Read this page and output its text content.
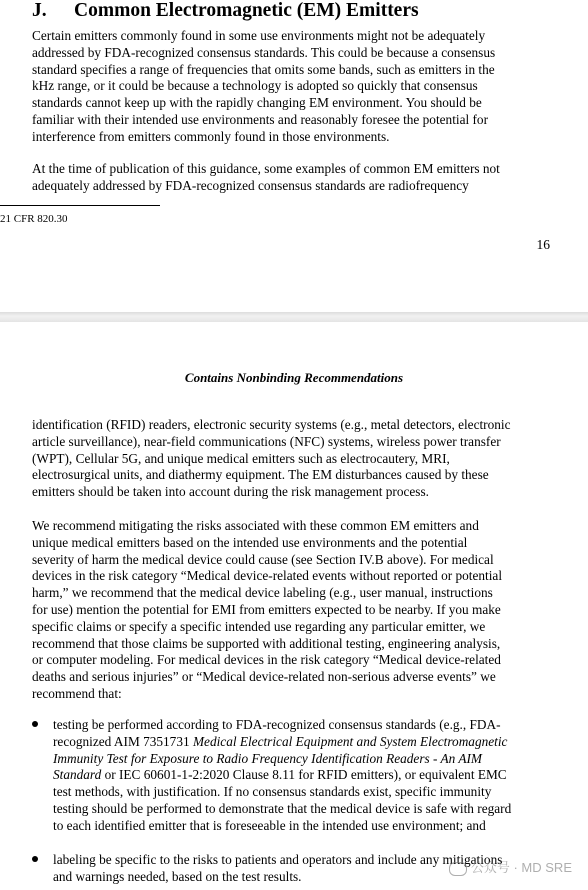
J. Common Electromagnetic (EM) Emitters
Certain emitters commonly found in some use environments might not be adequately
addressed by FDA-recognized consensus standards. This could be because a consensus
standard specifies a range of frequencies that omits some bands, such as emitters in the
kHz range, or it could be because a technology is adopted so quickly that consensus
standards cannot keep up with the rapidly changing EM environment. You should be
familiar with their intended use environments and reasonably foresee the potential for
interference from emitters commonly found in those environments.
At the time of publication of this guidance, some examples of common EM emitters not
adequately addressed by FDA-recognized consensus standards are radiofrequency
21 CFR 820.30
16
Contains Nonbinding Recommendations
identification (RFID) readers, electronic security systems (e.g., metal detectors, electronic
article surveillance), near-field communications (NFC) systems, wireless power transfer
(WPT), Cellular 5G, and unique medical emitters such as electrocautery, MRI,
electrosurgical units, and diathermy equipment. The EM disturbances caused by these
emitters should be taken into account during the risk management process.
We recommend mitigating the risks associated with these common EM emitters and
unique medical emitters based on the intended use environments and the potential
severity of harm the medical device could cause (see Section IV.B above). For medical
devices in the risk category “Medical device-related events without reported or potential
harm,” we recommend that the medical device labeling (e.g., user manual, instructions
for use) mention the potential for EMI from emitters expected to be nearby. If you make
specific claims or specify a specific intended use regarding any particular emitter, we
recommend that those claims be supported with additional testing, engineering analysis,
or computer modeling. For medical devices in the risk category “Medical device-related
deaths and serious injuries” or “Medical device-related non-serious adverse events” we
recommend that:
testing be performed according to FDA-recognized consensus standards (e.g., FDA-
recognized AIM 7351731 Medical Electrical Equipment and System Electromagnetic
Immunity Test for Exposure to Radio Frequency Identification Readers - An AIM
Standard or IEC 60601-1-2:2020 Clause 8.11 for RFID emitters), or equivalent EMC
test methods, with justification. If no consensus standards exist, specific immunity
testing should be performed to demonstrate that the medical device is safe with regard
to each identified emitter that is foreseeable in the intended use environment; and
labeling be specific to the risks to patients and operators and include any mitigations
and warnings needed, based on the test results.
公众号 · MD SRE
